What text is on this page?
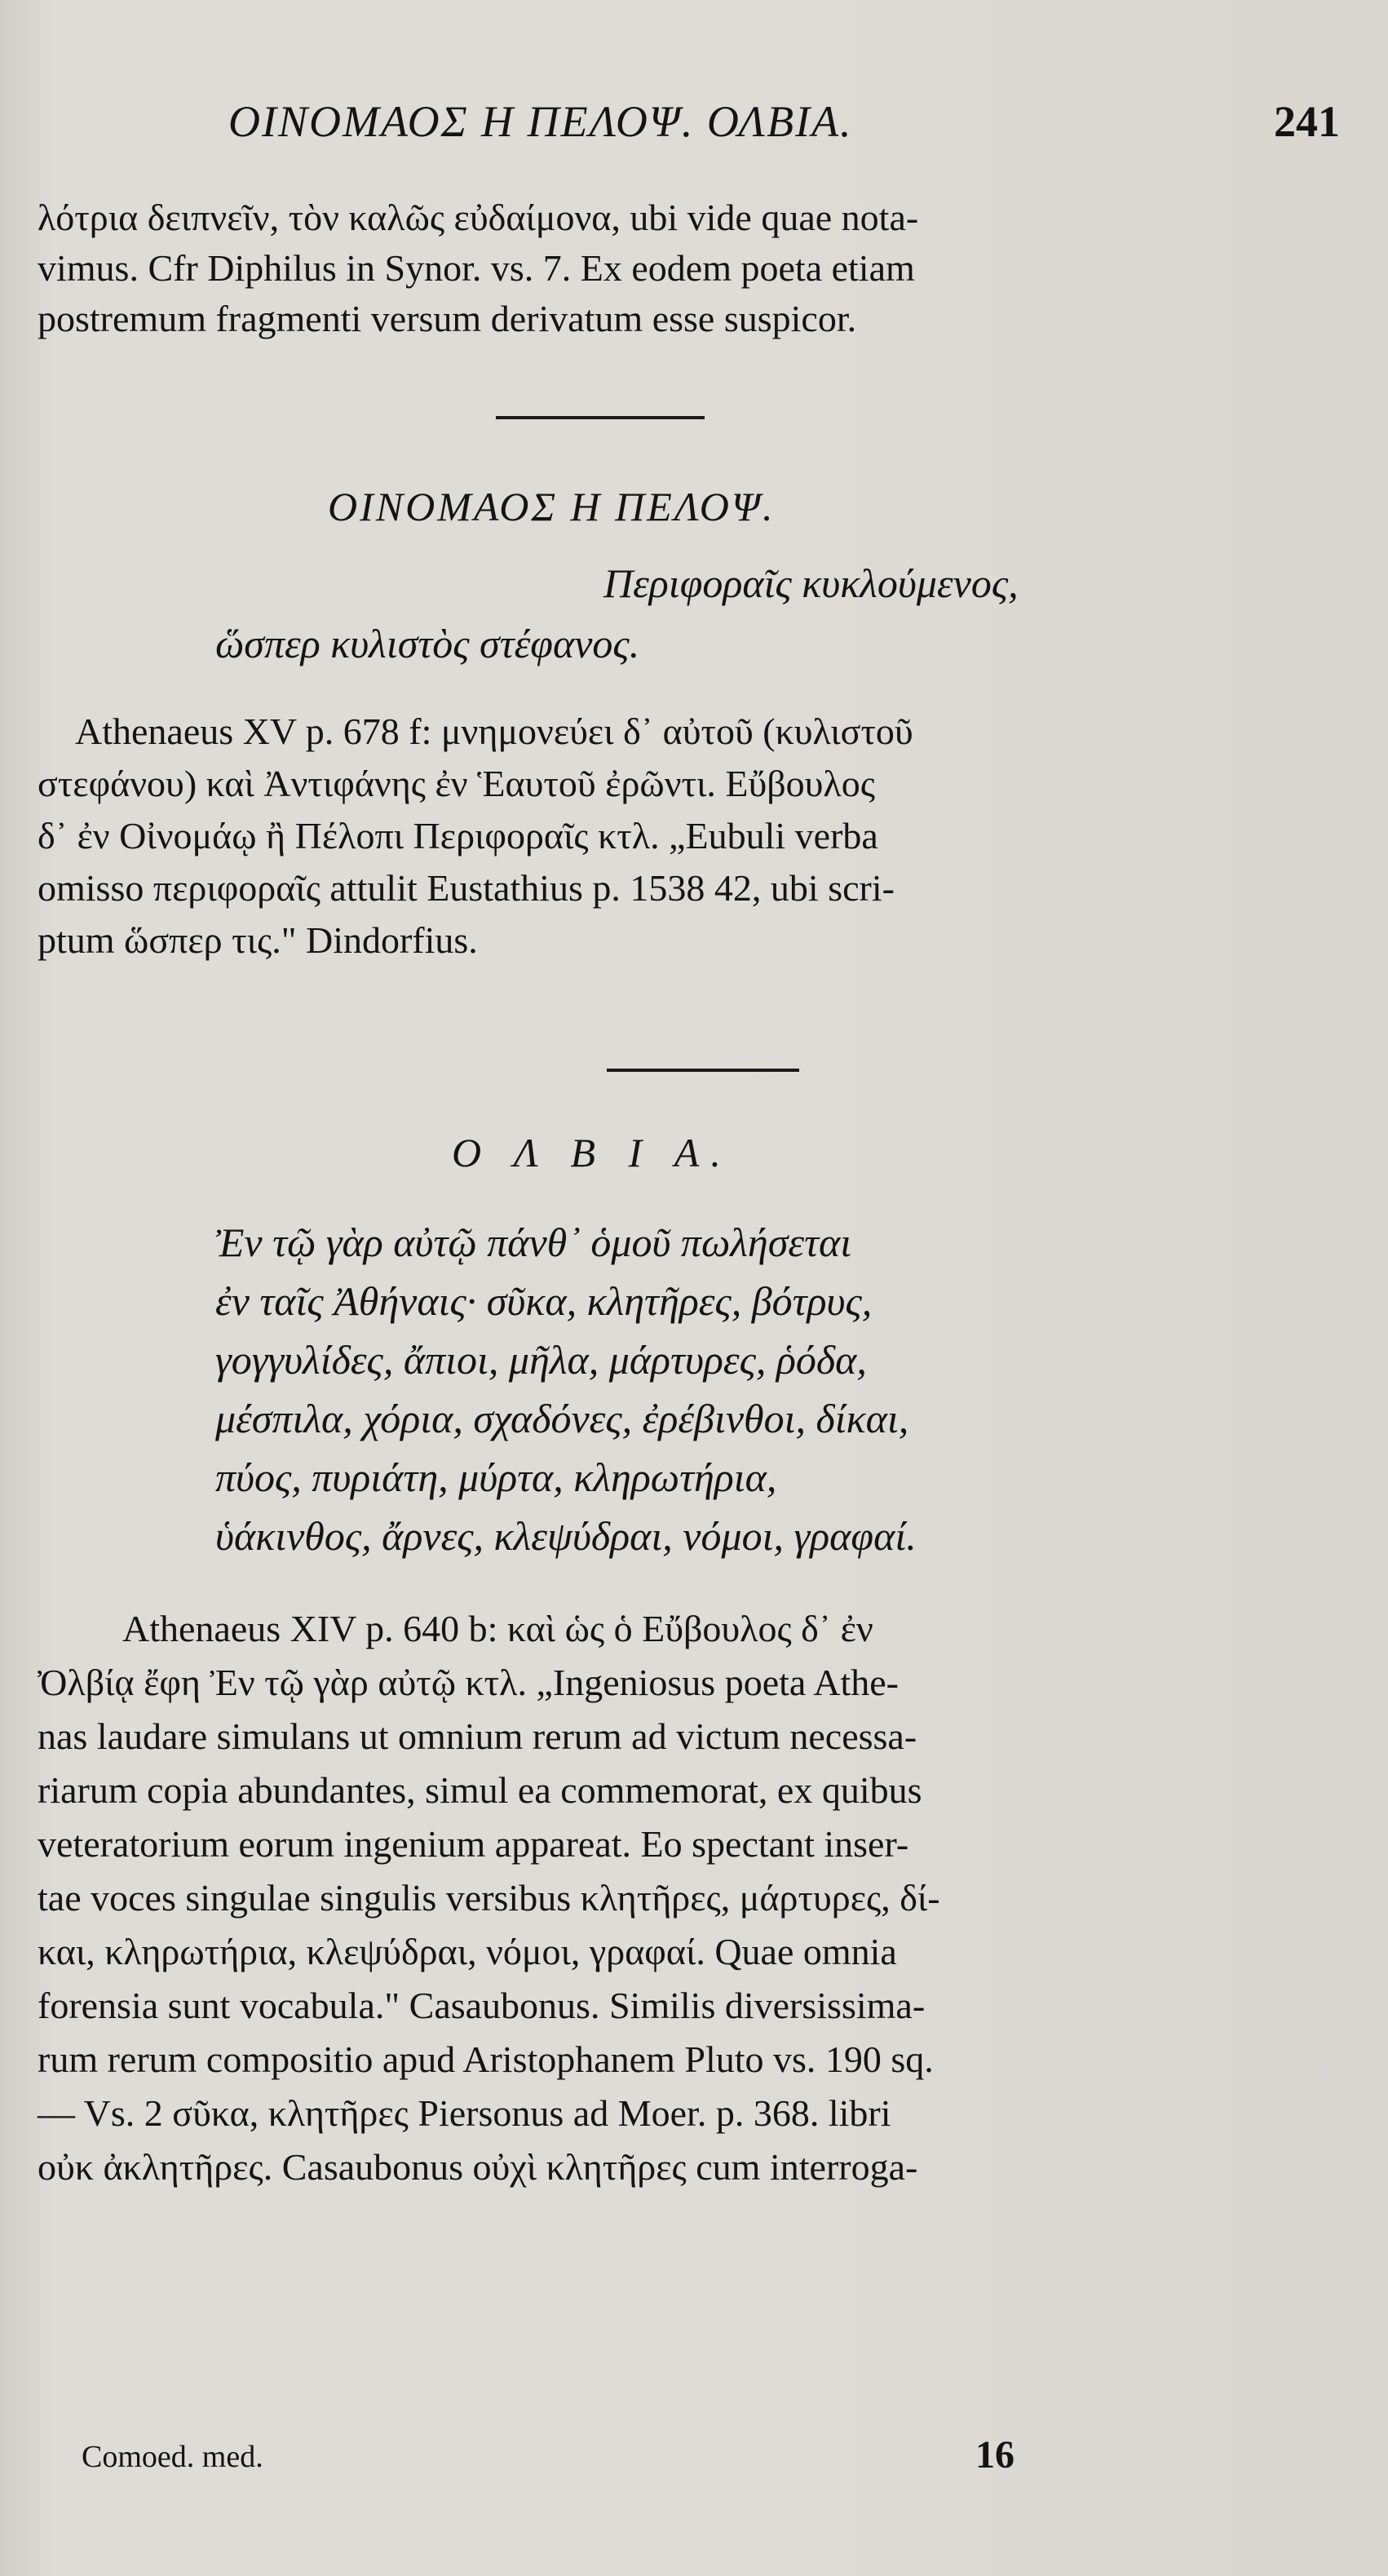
ΟΙΝΟΜΑΟΣ Η ΠΕΛΟΨ. ΟΛΒΙΑ.	241
λότρια δειπνεῖν, τὸν καλῶς εὐδαίμονα, ubi vide quae nota-
vimus. Cfr Diphilus in Synor. vs. 7. Ex eodem poeta etiam
postremum fragmenti versum derivatum esse suspicor.
ΟΙΝΟΜΑΟΣ Η ΠΕΛΟΨ.
Περιφοραῖς κυκλούμενος,
ὥσπερ κυλιστὸς στέφανος.
Athenaeus XV p. 678 f: μνημονεύει δ᾽ αὐτοῦ (κυλιστοῦ
στεφάνου) καὶ Ἀντιφάνης ἐν Ἑαυτοῦ ἐρῶντι. Εὔβουλος
δ᾽ ἐν Οἰνομάῳ ἢ Πέλοπι Περιφοραῖς κτλ. „Eubuli verba
omisso περιφοραῖς attulit Eustathius p. 1538 42, ubi scri-
ptum ὥσπερ τις." Dindorfius.
Ο Λ Β Ι Α.
Ἐν τῷ γὰρ αὐτῷ πάνθ᾽ ὁμοῦ πωλήσεται
ἐν ταῖς Ἀθήναις· σῦκα, κλητῆρες, βότρυς,
γογγυλίδες, ἄπιοι, μῆλα, μάρτυρες, ῥόδα,
μέσπιλα, χόρια, σχαδόνες, ἐρέβινθοι, δίκαι,
πύος, πυριάτη, μύρτα, κληρωτήρια,
ὑάκινθος, ἄρνες, κλεψύδραι, νόμοι, γραφαί.
Athenaeus XIV p. 640 b: καὶ ὡς ὁ Εὔβουλος δ᾽ ἐν
Ὀλβίᾳ ἔφη Ἐν τῷ γὰρ αὐτῷ κτλ. „Ingeniosus poeta Athe-
nas laudare simulans ut omnium rerum ad victum necessa-
riarum copia abundantes, simul ea commemorat, ex quibus
veteratorium eorum ingenium appareat. Eo spectant inser-
tae voces singulae singulis versibus κλητῆρες, μάρτυρες, δί-
και, κληρωτήρια, κλεψύδραι, νόμοι, γραφαί. Quae omnia
forensia sunt vocabula." Casaubonus. Similis diversissima-
rum rerum compositio apud Aristophanem Pluto vs. 190 sq.
— Vs. 2 σῦκα, κλητῆρες Piersonus ad Moer. p. 368. libri
οὐκ ἀκλητῆρες. Casaubonus οὐχὶ κλητῆρες cum interroga-
Comoed. med.	16
